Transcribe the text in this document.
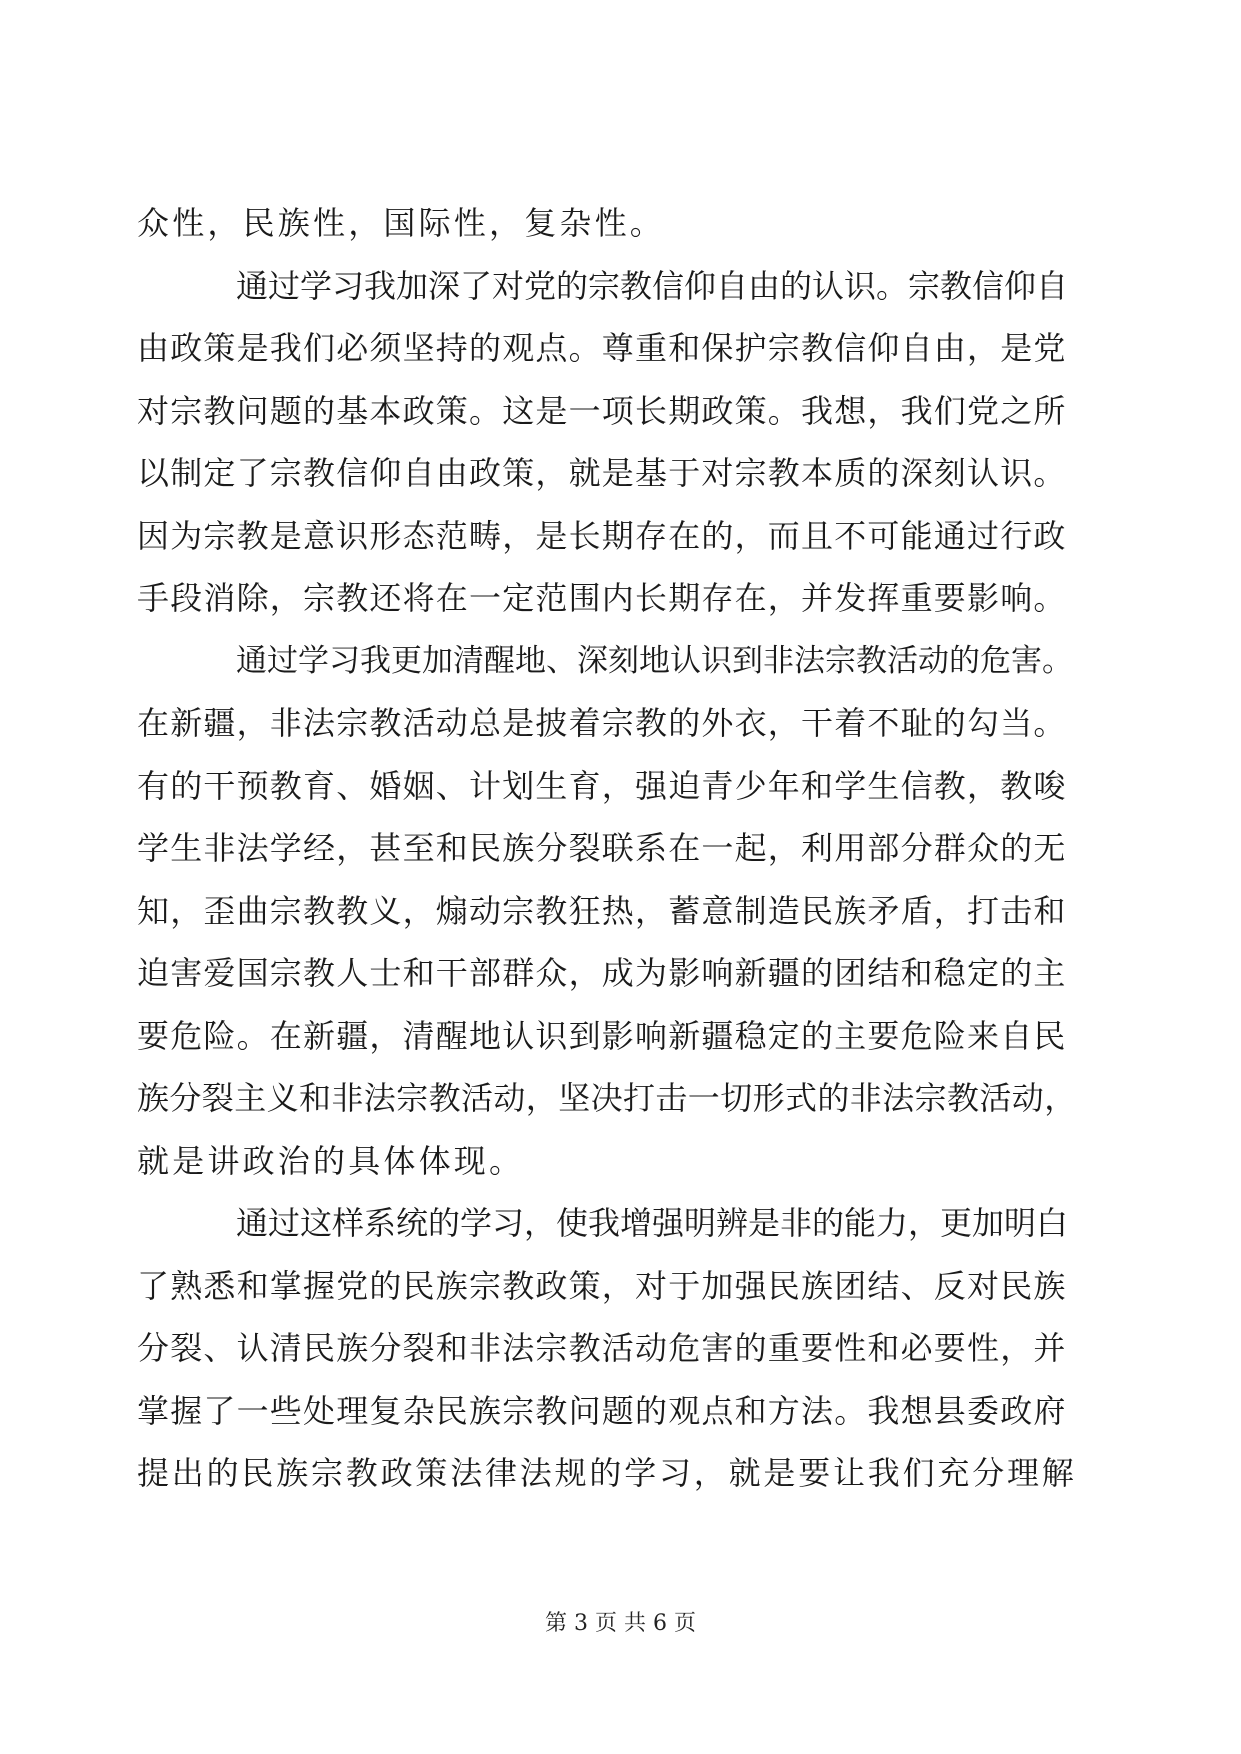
众性，民族性，国际性，复杂性。
通过学习我加深了对党的宗教信仰自由的认识。宗教信仰自
由政策是我们必须坚持的观点。尊重和保护宗教信仰自由，是党
对宗教问题的基本政策。这是一项长期政策。我想，我们党之所
以制定了宗教信仰自由政策，就是基于对宗教本质的深刻认识。
因为宗教是意识形态范畴，是长期存在的，而且不可能通过行政
手段消除，宗教还将在一定范围内长期存在，并发挥重要影响。
通过学习我更加清醒地、深刻地认识到非法宗教活动的危害。
在新疆，非法宗教活动总是披着宗教的外衣，干着不耻的勾当。
有的干预教育、婚姻、计划生育，强迫青少年和学生信教，教唆
学生非法学经，甚至和民族分裂联系在一起，利用部分群众的无
知，歪曲宗教教义，煽动宗教狂热，蓄意制造民族矛盾，打击和
迫害爱国宗教人士和干部群众，成为影响新疆的团结和稳定的主
要危险。在新疆，清醒地认识到影响新疆稳定的主要危险来自民
族分裂主义和非法宗教活动，坚决打击一切形式的非法宗教活动，
就是讲政治的具体体现。
通过这样系统的学习，使我增强明辨是非的能力，更加明白
了熟悉和掌握党的民族宗教政策，对于加强民族团结、反对民族
分裂、认清民族分裂和非法宗教活动危害的重要性和必要性，并
掌握了一些处理复杂民族宗教问题的观点和方法。我想县委政府
提出的民族宗教政策法律法规的学习，就是要让我们充分理解
第 3 页 共 6 页
